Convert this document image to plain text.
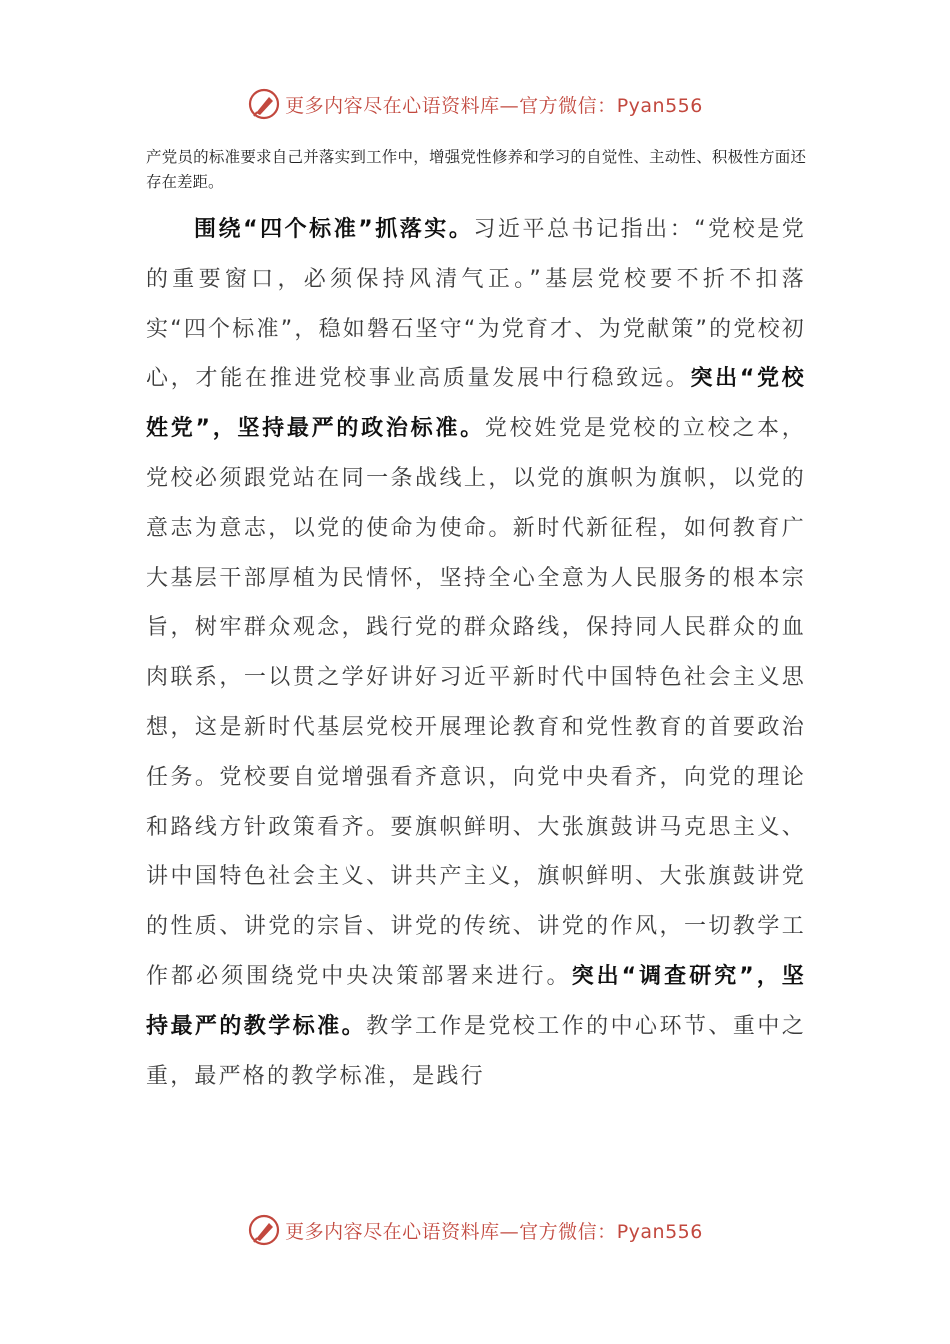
更多内容尽在心语资料库—官方微信：Pyan556

产党员的标准要求自己并落实到工作中，增强党性修养和学习的自觉性、主动性、积极性方面还存在差距。

围绕“四个标准”抓落实。习近平总书记指出：“党校是党的重要窗口，必须保持风清气正。”基层党校要不折不扣落实“四个标准”，稳如磐石坚守“为党育才、为党献策”的党校初心，才能在推进党校事业高质量发展中行稳致远。突出“党校姓党”，坚持最严的政治标准。党校姓党是党校的立校之本，党校必须跟党站在同一条战线上，以党的旗帜为旗帜，以党的意志为意志，以党的使命为使命。新时代新征程，如何教育广大基层干部厚植为民情怀，坚持全心全意为人民服务的根本宗旨，树牢群众观念，践行党的群众路线，保持同人民群众的血肉联系，一以贯之学好讲好习近平新时代中国特色社会主义思想，这是新时代基层党校开展理论教育和党性教育的首要政治任务。党校要自觉增强看齐意识，向党中央看齐，向党的理论和路线方针政策看齐。要旗帜鲜明、大张旗鼓讲马克思主义、讲中国特色社会主义、讲共产主义，旗帜鲜明、大张旗鼓讲党的性质、讲党的宗旨、讲党的传统、讲党的作风，一切教学工作都必须围绕党中央决策部署来进行。突出“调查研究”，坚持最严的教学标准。教学工作是党校工作的中心环节、重中之重，最严格的教学标准，是践行

更多内容尽在心语资料库—官方微信：Pyan556
